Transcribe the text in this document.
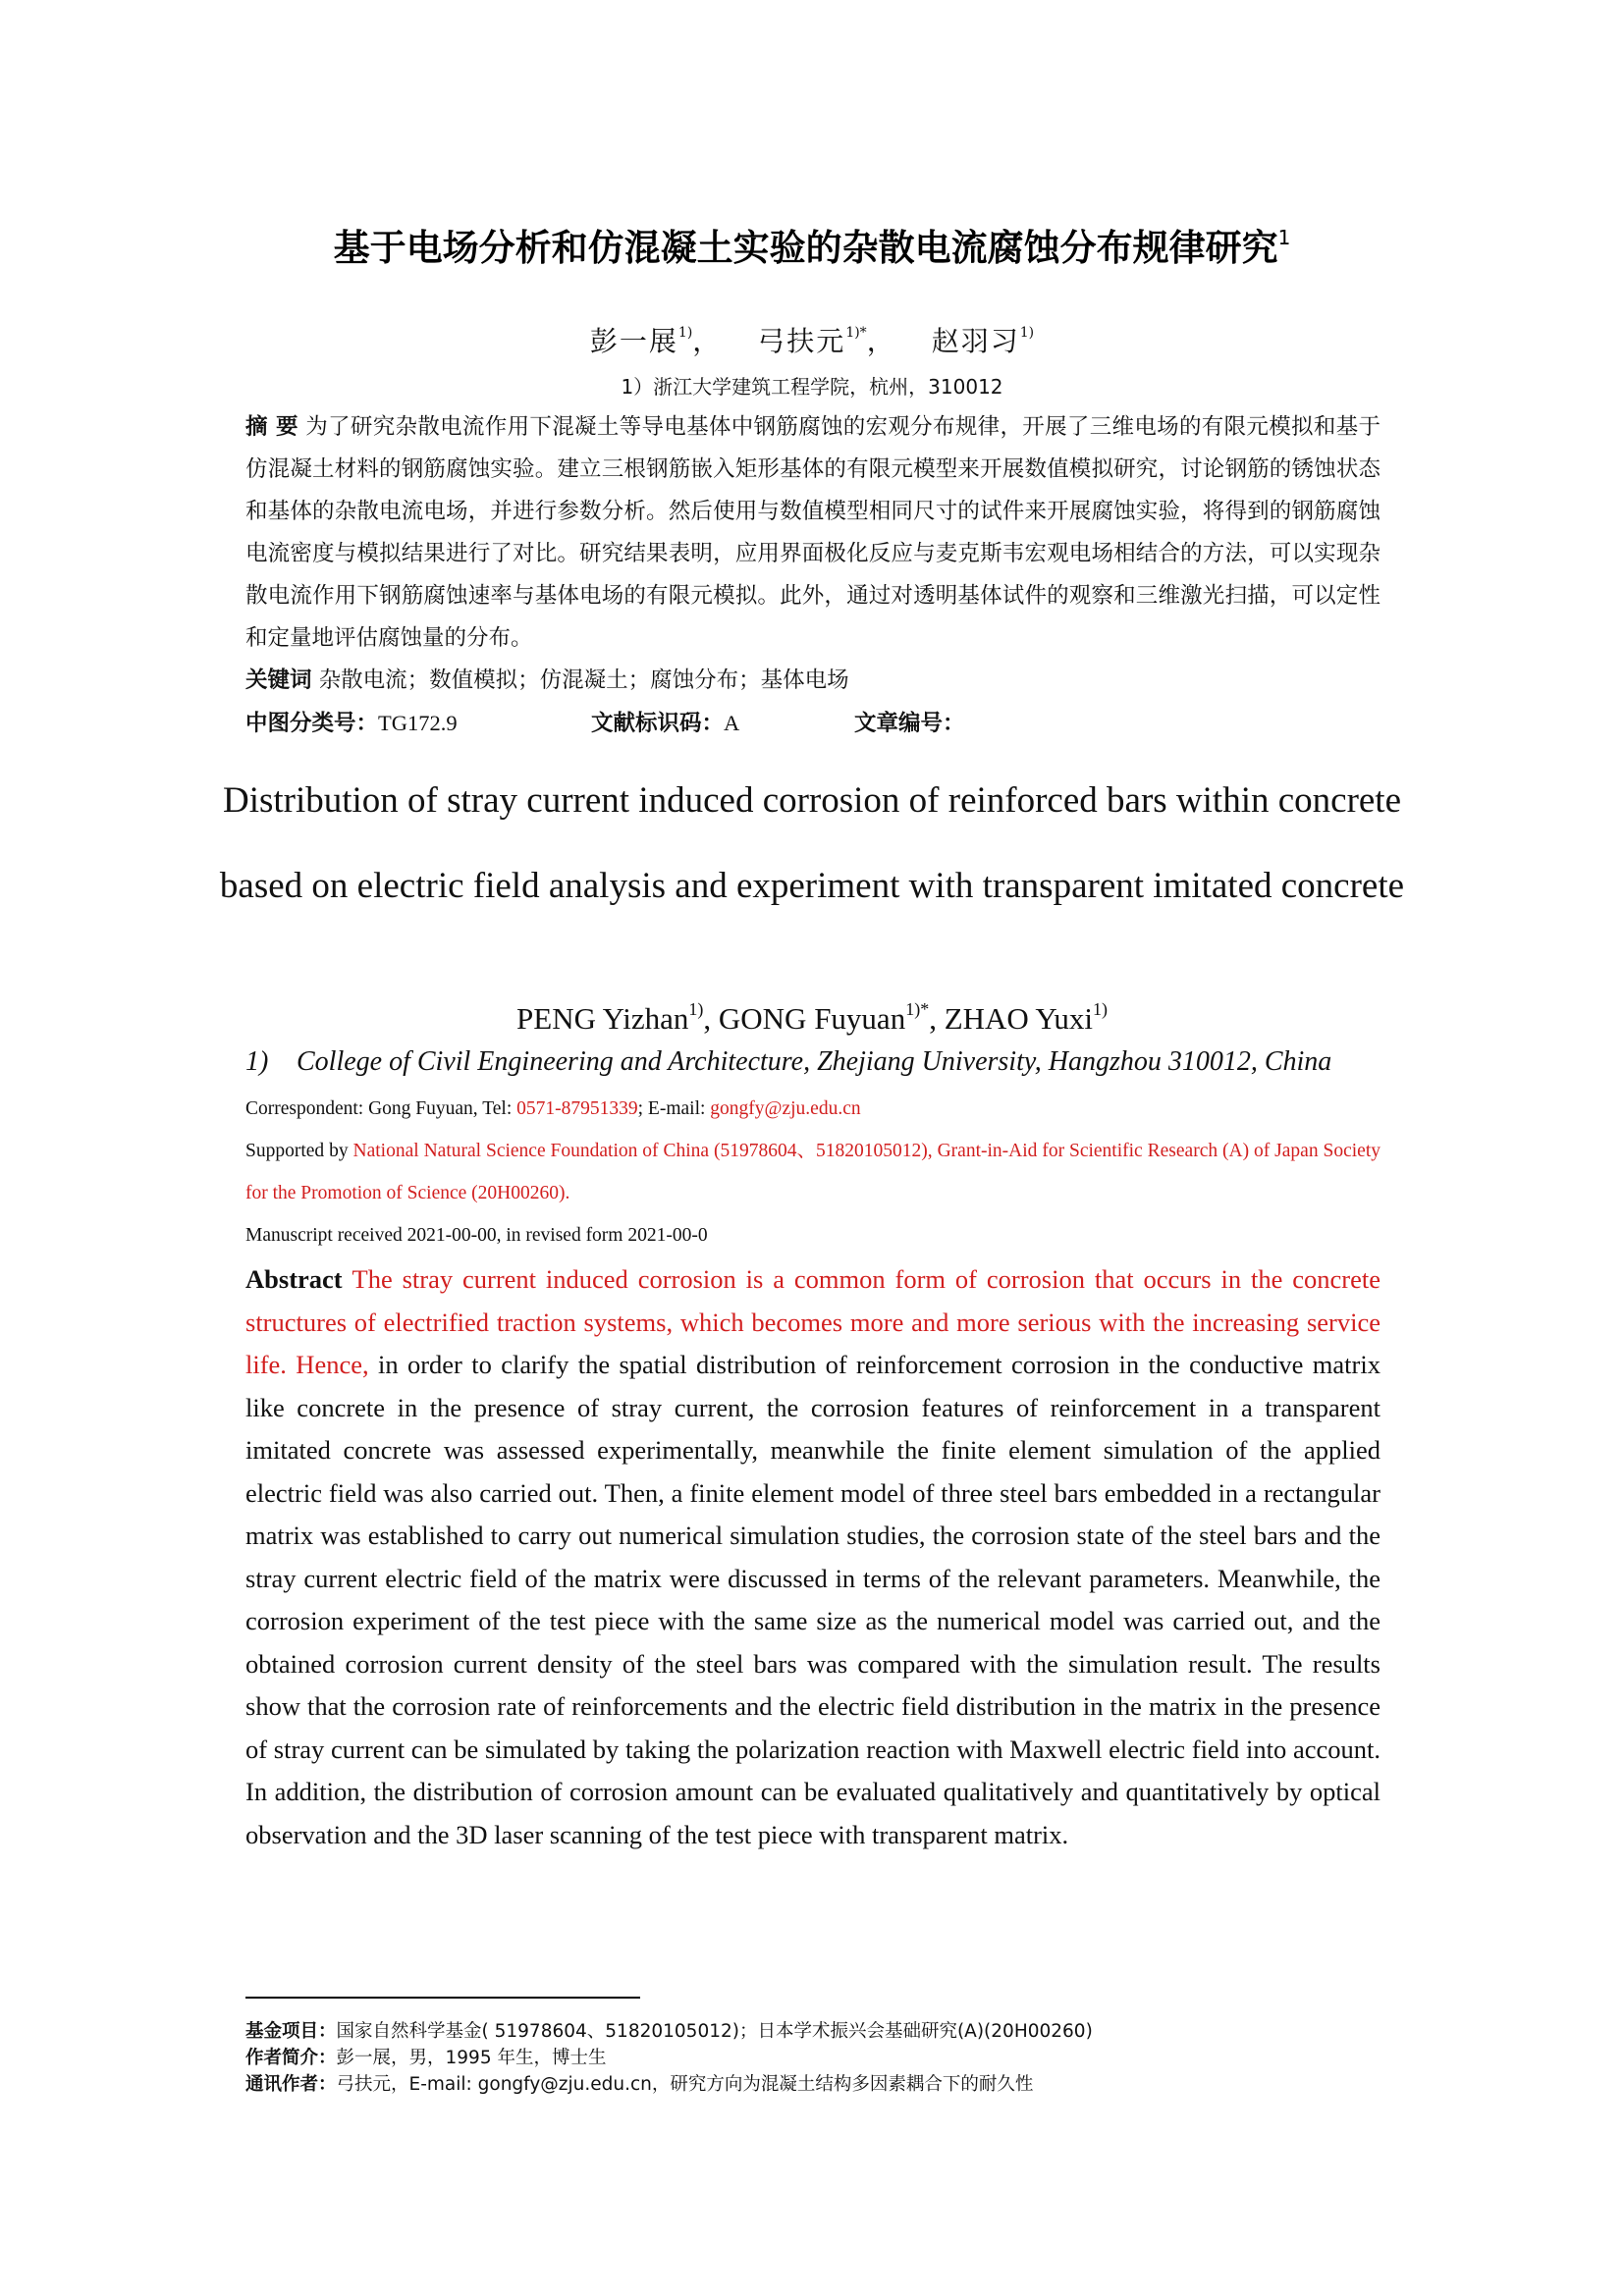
基于电场分析和仿混凝土实验的杂散电流腐蚀分布规律研究$^1$
彭一展$^{1)}$， 弓扶元$^{1)*}$， 赵羽习$^{1)}$
1）浙江大学建筑工程学院，杭州，310012
摘 要 为了研究杂散电流作用下混凝土等导电基体中钢筋腐蚀的宏观分布规律，开展了三维电场的有限元模拟和基于仿混凝土材料的钢筋腐蚀实验。建立三根钢筋嵌入矩形基体的有限元模型来开展数值模拟研究，讨论钢筋的锈蚀状态和基体的杂散电流电场，并进行参数分析。然后使用与数值模型相同尺寸的试件来开展腐蚀实验，将得到的钢筋腐蚀电流密度与模拟结果进行了对比。研究结果表明，应用界面极化反应与麦克斯韦宏观电场相结合的方法，可以实现杂散电流作用下钢筋腐蚀速率与基体电场的有限元模拟。此外，通过对透明基体试件的观察和三维激光扫描，可以定性和定量地评估腐蚀量的分布。
关键词 杂散电流；数值模拟；仿混凝土；腐蚀分布；基体电场
中图分类号：TG172.9	文献标识码：A	文章编号：
Distribution of stray current induced corrosion of reinforced bars within concrete based on electric field analysis and experiment with transparent imitated concrete
PENG Yizhan$^{1)}$, GONG Fuyuan$^{1)*}$, ZHAO Yuxi$^{1)}$
1) College of Civil Engineering and Architecture, Zhejiang University, Hangzhou 310012, China
Correspondent: Gong Fuyuan, Tel: 0571-87951339; E-mail: gongfy@zju.edu.cn
Supported by National Natural Science Foundation of China (51978604、51820105012), Grant-in-Aid for Scientific Research (A) of Japan Society for the Promotion of Science (20H00260).
Manuscript received 2021-00-00, in revised form 2021-00-0
Abstract The stray current induced corrosion is a common form of corrosion that occurs in the concrete structures of electrified traction systems, which becomes more and more serious with the increasing service life. Hence, in order to clarify the spatial distribution of reinforcement corrosion in the conductive matrix like concrete in the presence of stray current, the corrosion features of reinforcement in a transparent imitated concrete was assessed experimentally, meanwhile the finite element simulation of the applied electric field was also carried out. Then, a finite element model of three steel bars embedded in a rectangular matrix was established to carry out numerical simulation studies, the corrosion state of the steel bars and the stray current electric field of the matrix were discussed in terms of the relevant parameters. Meanwhile, the corrosion experiment of the test piece with the same size as the numerical model was carried out, and the obtained corrosion current density of the steel bars was compared with the simulation result. The results show that the corrosion rate of reinforcements and the electric field distribution in the matrix in the presence of stray current can be simulated by taking the polarization reaction with Maxwell electric field into account. In addition, the distribution of corrosion amount can be evaluated qualitatively and quantitatively by optical observation and the 3D laser scanning of the test piece with transparent matrix.
基金项目：国家自然科学基金( 51978604、51820105012)；日本学术振兴会基础研究(A)(20H00260)
作者简介：彭一展，男，1995 年生，博士生
通讯作者：弓扶元，E-mail: gongfy@zju.edu.cn，研究方向为混凝土结构多因素耦合下的耐久性
